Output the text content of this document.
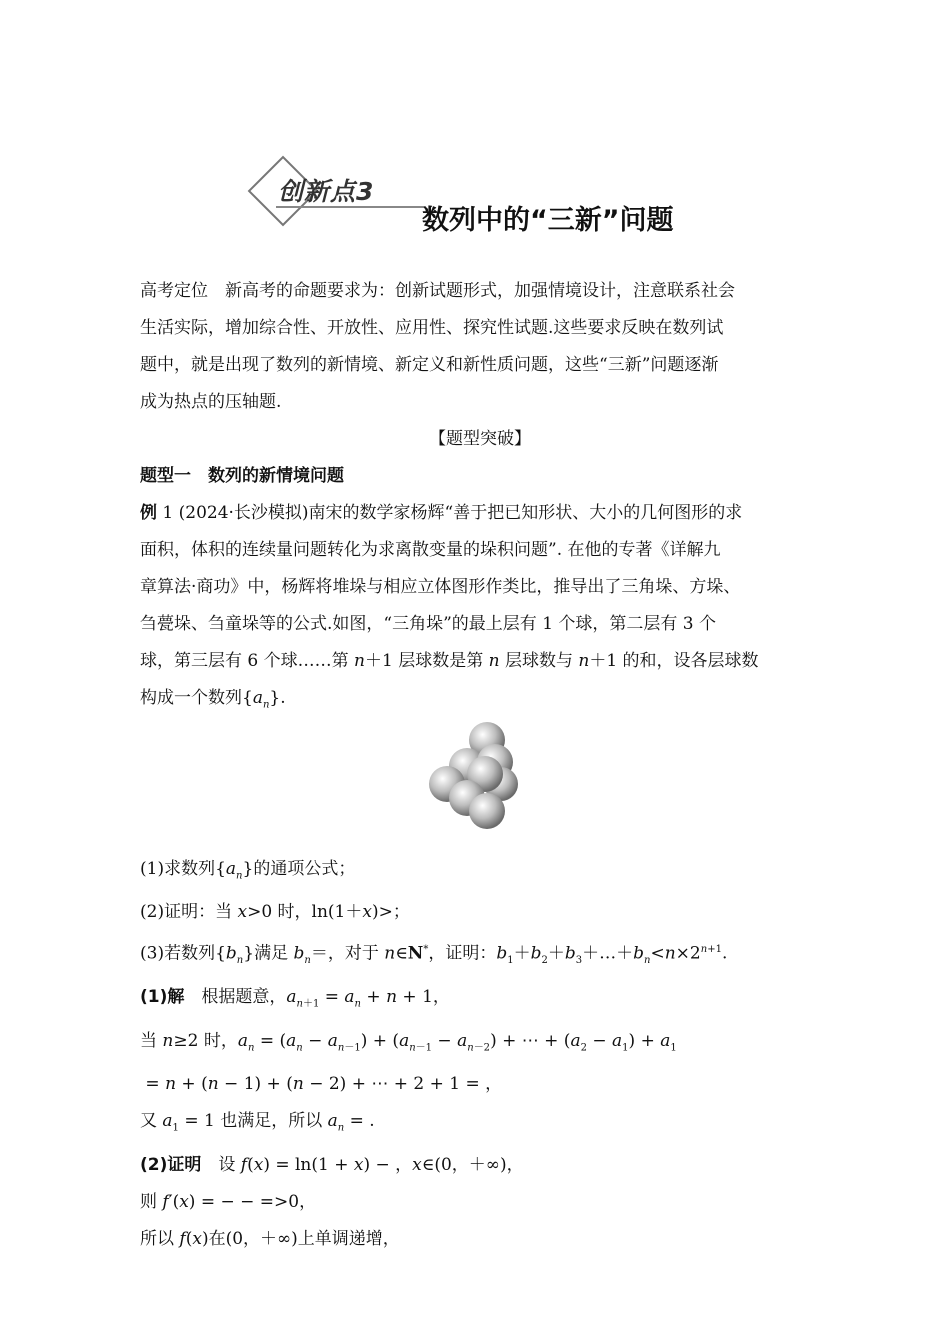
创新点3
数列中的“三新”问题

高考定位　新高考的命题要求为：创新试题形式，加强情境设计，注意联系社会

生活实际，增加综合性、开放性、应用性、探究性试题.这些要求反映在数列试

题中，就是出现了数列的新情境、新定义和新性质问题，这些“三新”问题逐渐

成为热点的压轴题.

【题型突破】

题型一　数列的新情境问题

例 1 (2024·长沙模拟)南宋的数学家杨辉“善于把已知形状、大小的几何图形的求

面积，体积的连续量问题转化为求离散变量的垛积问题”. 在他的专著《详解九

章算法·商功》中，杨辉将堆垛与相应立体图形作类比，推导出了三角垛、方垛、

刍甍垛、刍童垛等的公式.如图，“三角垛”的最上层有 1 个球，第二层有 3 个

球，第三层有 6 个球……第 n＋1 层球数是第 n 层球数与 n＋1 的和，设各层球数

构成一个数列$\{a_n\}$.

(1)求数列$\{a_n\}$的通项公式；

(2)证明：当 x>0 时，ln(1＋x)>；

(3)若数列$\{b_n\}$满足 $b_n=$，对于 n∈N*，证明：$b_1+b_2+b_3+\dots+b_n<n\times 2^{n+1}$.

(1)解　根据题意，$a_{n+1} = a_n + n + 1$，

当 n≥2 时，$a_n = (a_n - a_{n-1}) + (a_{n-1} - a_{n-2})$ + ⋯ + $(a_2 - a_1) + a_1$

= n + (n − 1) + (n − 2) + ⋯ + 2 + 1 = ，

又 $a_1 = 1$ 也满足，所以 $a_n$ = .

(2)证明　设 f(x) = ln(1 + x) − ，x∈(0，＋∞)，

则 f′(x) = − − =>0，

所以 f(x)在(0，＋∞)上单调递增，
